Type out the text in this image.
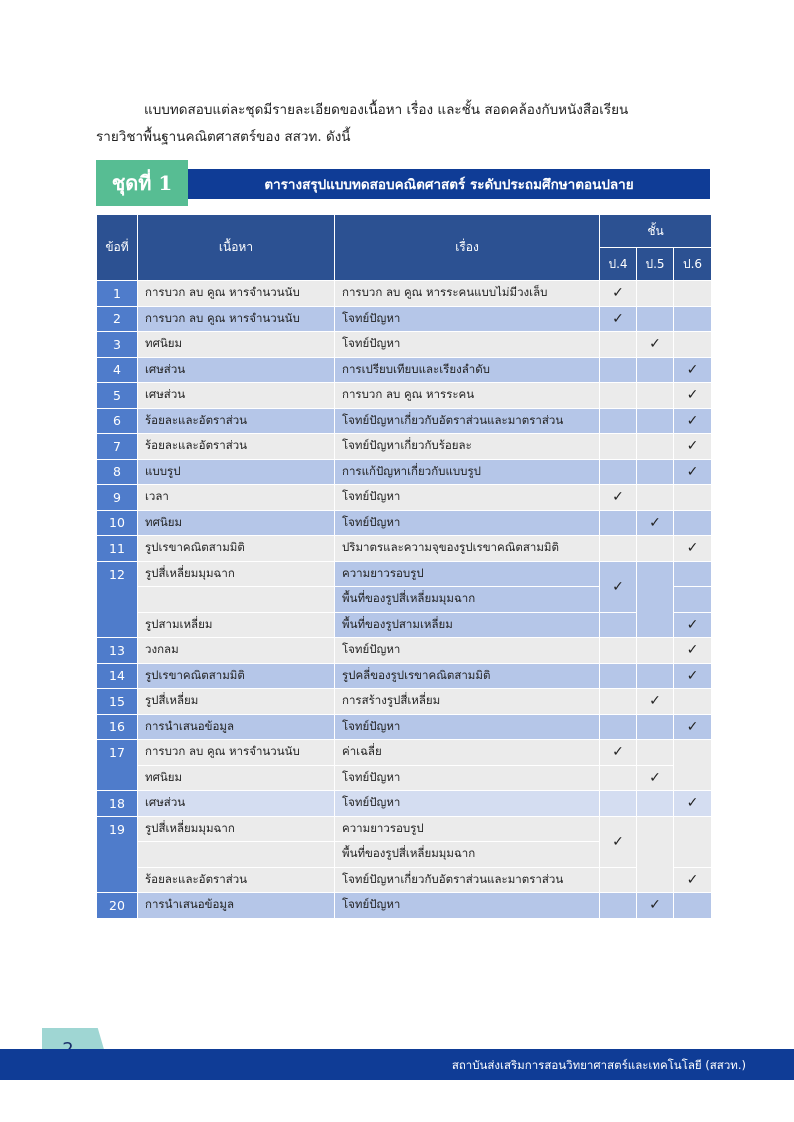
แบบทดสอบแต่ละชุดมีรายละเอียดของเนื้อหา เรื่อง และชั้น สอดคล้องกับหนังสือเรียน
รายวิชาพื้นฐานคณิตศาสตร์ของ สสวท. ดังนี้
ชุดที่ 1	ตารางสรุปแบบทดสอบคณิตศาสตร์ ระดับประถมศึกษาตอนปลาย
ข้อที่	เนื้อหา	เรื่อง	ชั้น		
			ป.4	ป.5	ป.6
1	การบวก ลบ คูณ หารจำนวนนับ	การบวก ลบ คูณ หารระคนแบบไม่มีวงเล็บ	✓		
2	การบวก ลบ คูณ หารจำนวนนับ	โจทย์ปัญหา	✓		
3	ทศนิยม	โจทย์ปัญหา		✓	
4	เศษส่วน	การเปรียบเทียบและเรียงลำดับ			✓
5	เศษส่วน	การบวก ลบ คูณ หารระคน			✓
6	ร้อยละและอัตราส่วน	โจทย์ปัญหาเกี่ยวกับอัตราส่วนและมาตราส่วน			✓
7	ร้อยละและอัตราส่วน	โจทย์ปัญหาเกี่ยวกับร้อยละ			✓
8	แบบรูป	การแก้ปัญหาเกี่ยวกับแบบรูป			✓
9	เวลา	โจทย์ปัญหา	✓		
10	ทศนิยม	โจทย์ปัญหา		✓	
11	รูปเรขาคณิตสามมิติ	ปริมาตรและความจุของรูปเรขาคณิตสามมิติ			✓
12	รูปสี่เหลี่ยมมุมฉาก	ความยาวรอบรูป	✓		
		พื้นที่ของรูปสี่เหลี่ยมมุมฉาก			
	รูปสามเหลี่ยม	พื้นที่ของรูปสามเหลี่ยม			✓
13	วงกลม	โจทย์ปัญหา			✓
14	รูปเรขาคณิตสามมิติ	รูปคลี่ของรูปเรขาคณิตสามมิติ			✓
15	รูปสี่เหลี่ยม	การสร้างรูปสี่เหลี่ยม		✓	
16	การนำเสนอข้อมูล	โจทย์ปัญหา			✓
17	การบวก ลบ คูณ หารจำนวนนับ	ค่าเฉลี่ย	✓		
	ทศนิยม	โจทย์ปัญหา		✓	
18	เศษส่วน	โจทย์ปัญหา			✓
19	รูปสี่เหลี่ยมมุมฉาก	ความยาวรอบรูป	✓		
		พื้นที่ของรูปสี่เหลี่ยมมุมฉาก			
	ร้อยละและอัตราส่วน	โจทย์ปัญหาเกี่ยวกับอัตราส่วนและมาตราส่วน			✓
20	การนำเสนอข้อมูล	โจทย์ปัญหา		✓	
สถาบันส่งเสริมการสอนวิทยาศาสตร์และเทคโนโลยี (สสวท.)
